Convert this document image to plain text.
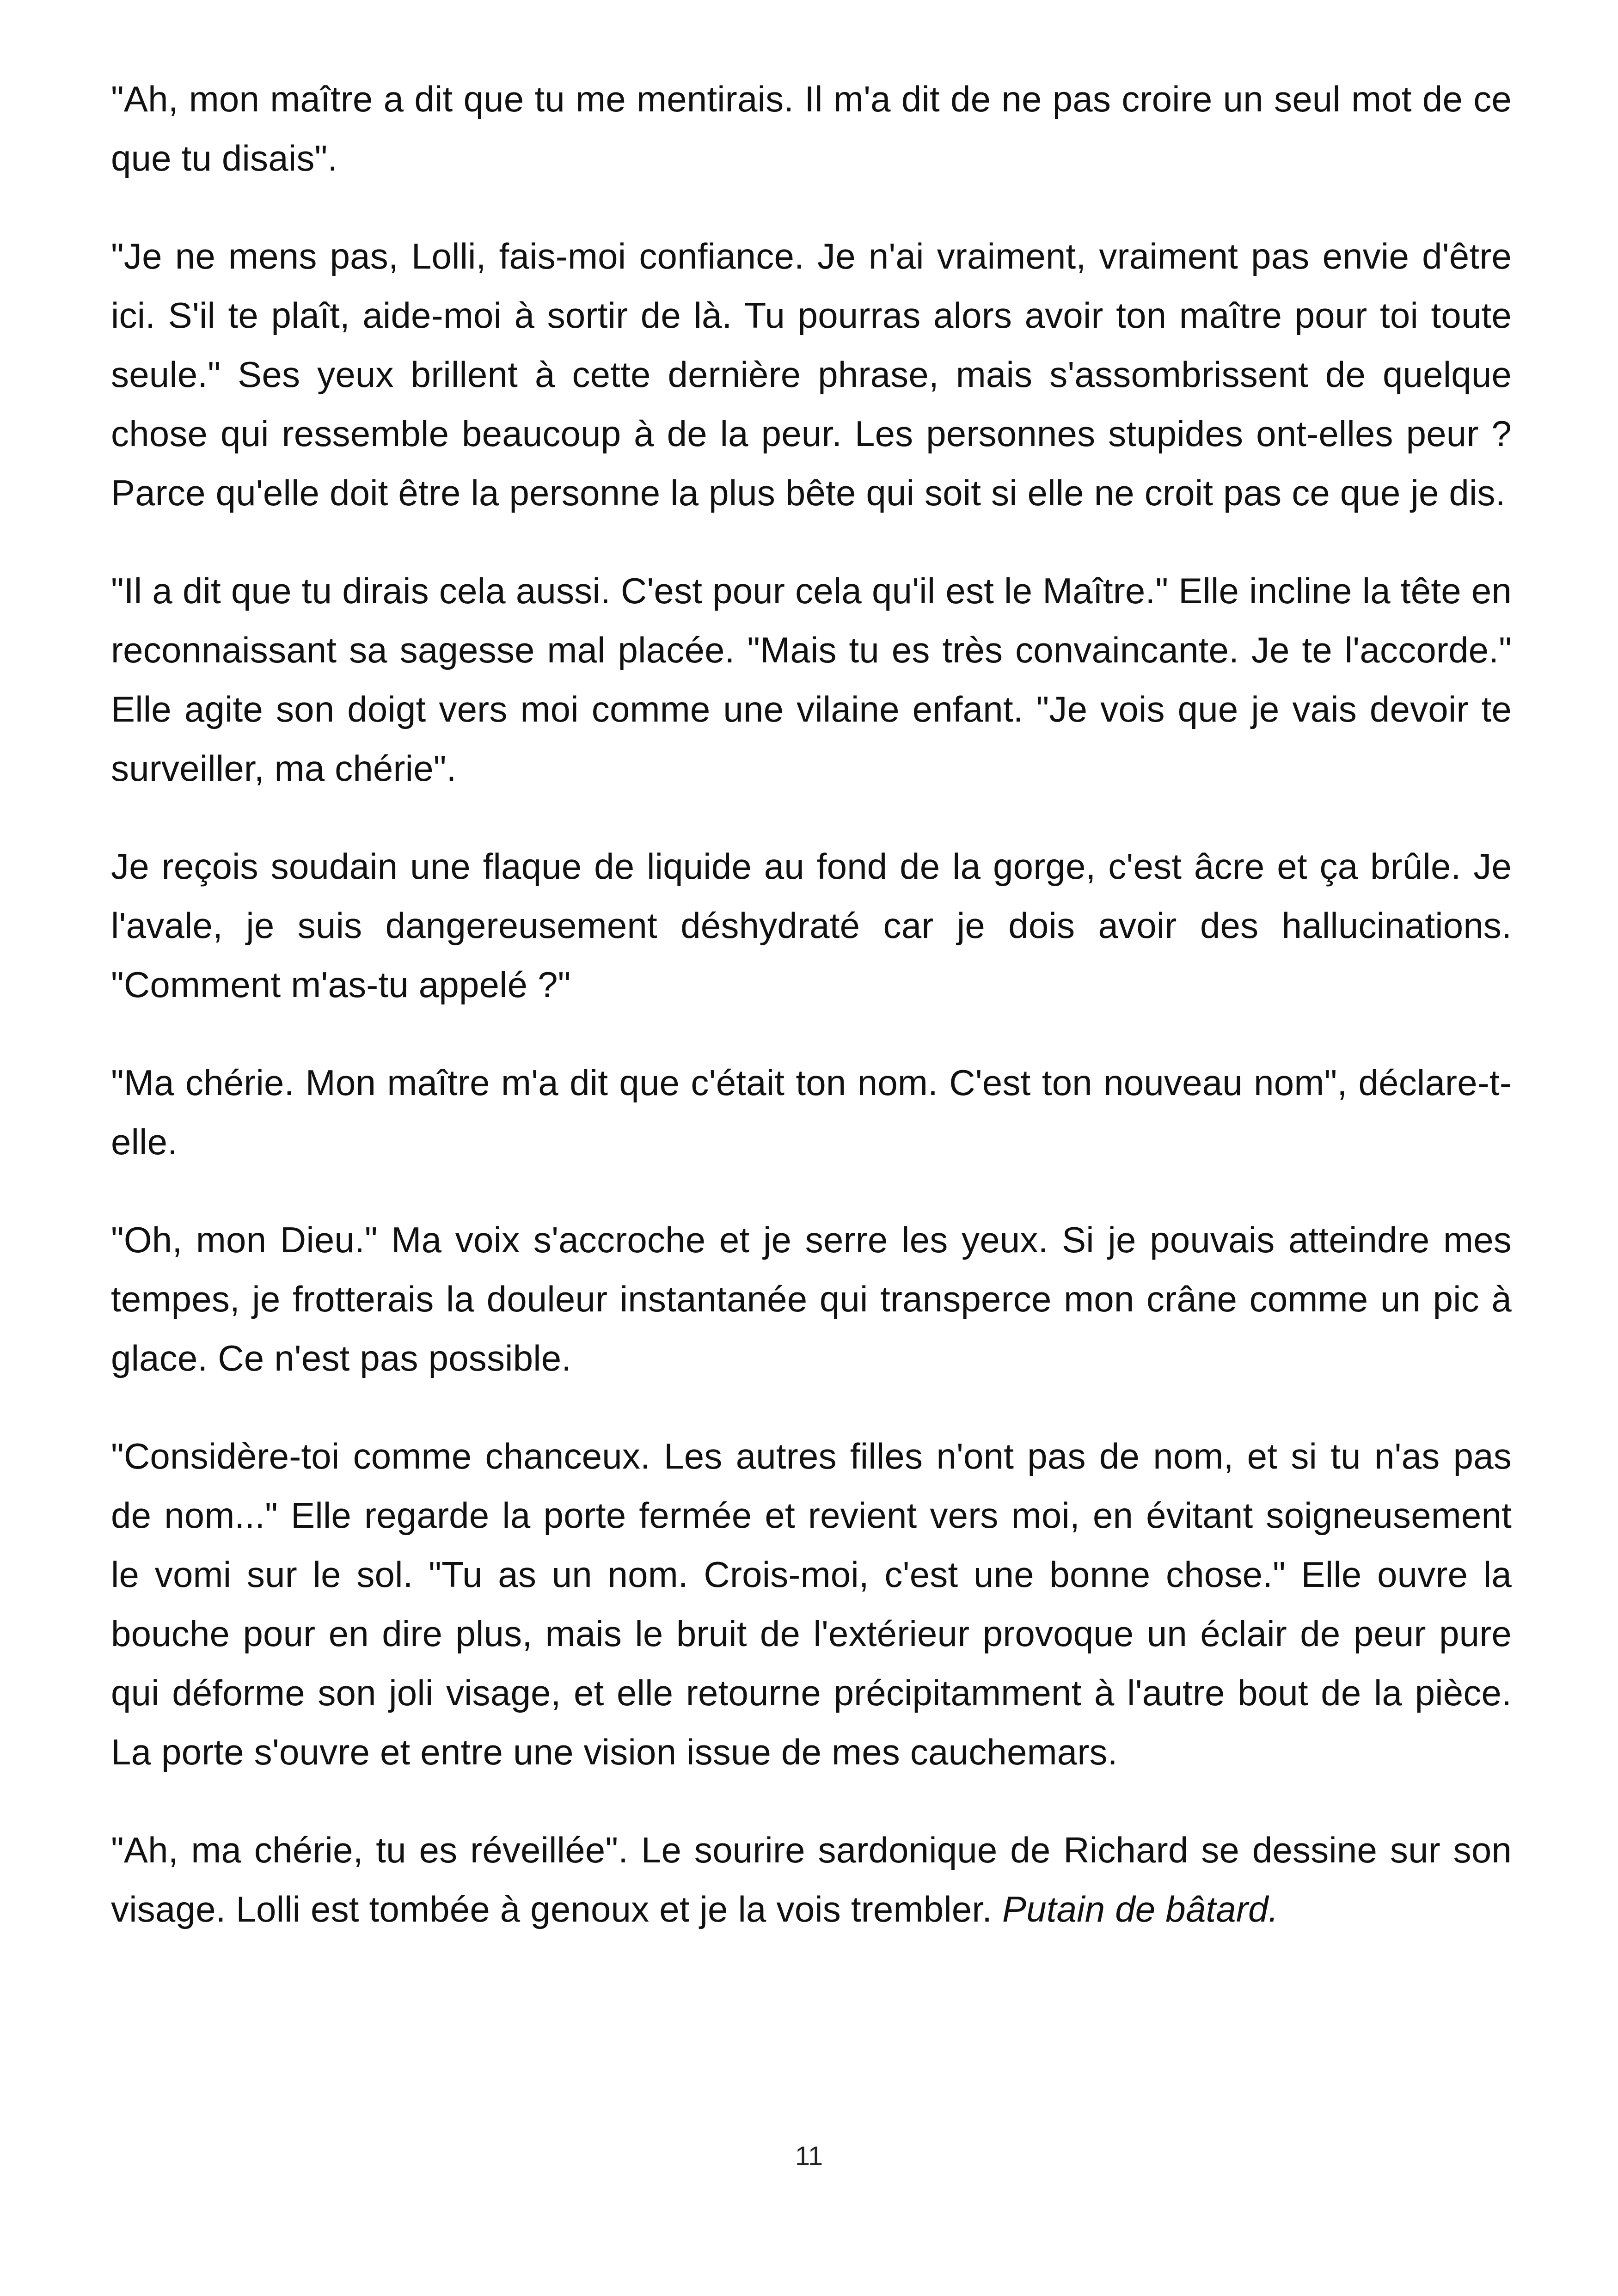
"Ah, mon maître a dit que tu me mentirais. Il m'a dit de ne pas croire un seul mot de ce que tu disais".

"Je ne mens pas, Lolli, fais-moi confiance. Je n'ai vraiment, vraiment pas envie d'être ici. S'il te plaît, aide-moi à sortir de là. Tu pourras alors avoir ton maître pour toi toute seule." Ses yeux brillent à cette dernière phrase, mais s'assombrissent de quelque chose qui ressemble beaucoup à de la peur. Les personnes stupides ont-elles peur ? Parce qu'elle doit être la personne la plus bête qui soit si elle ne croit pas ce que je dis.

"Il a dit que tu dirais cela aussi. C'est pour cela qu'il est le Maître." Elle incline la tête en reconnaissant sa sagesse mal placée. "Mais tu es très convaincante. Je te l'accorde." Elle agite son doigt vers moi comme une vilaine enfant. "Je vois que je vais devoir te surveiller, ma chérie".

Je reçois soudain une flaque de liquide au fond de la gorge, c'est âcre et ça brûle. Je l'avale, je suis dangereusement déshydraté car je dois avoir des hallucinations. "Comment m'as-tu appelé ?"

"Ma chérie. Mon maître m'a dit que c'était ton nom. C'est ton nouveau nom", déclare-t-elle.

"Oh, mon Dieu." Ma voix s'accroche et je serre les yeux. Si je pouvais atteindre mes tempes, je frotterais la douleur instantanée qui transperce mon crâne comme un pic à glace. Ce n'est pas possible.

"Considère-toi comme chanceux. Les autres filles n'ont pas de nom, et si tu n'as pas de nom..." Elle regarde la porte fermée et revient vers moi, en évitant soigneusement le vomi sur le sol. "Tu as un nom. Crois-moi, c'est une bonne chose." Elle ouvre la bouche pour en dire plus, mais le bruit de l'extérieur provoque un éclair de peur pure qui déforme son joli visage, et elle retourne précipitamment à l'autre bout de la pièce. La porte s'ouvre et entre une vision issue de mes cauchemars.

"Ah, ma chérie, tu es réveillée". Le sourire sardonique de Richard se dessine sur son visage. Lolli est tombée à genoux et je la vois trembler. Putain de bâtard.

11
